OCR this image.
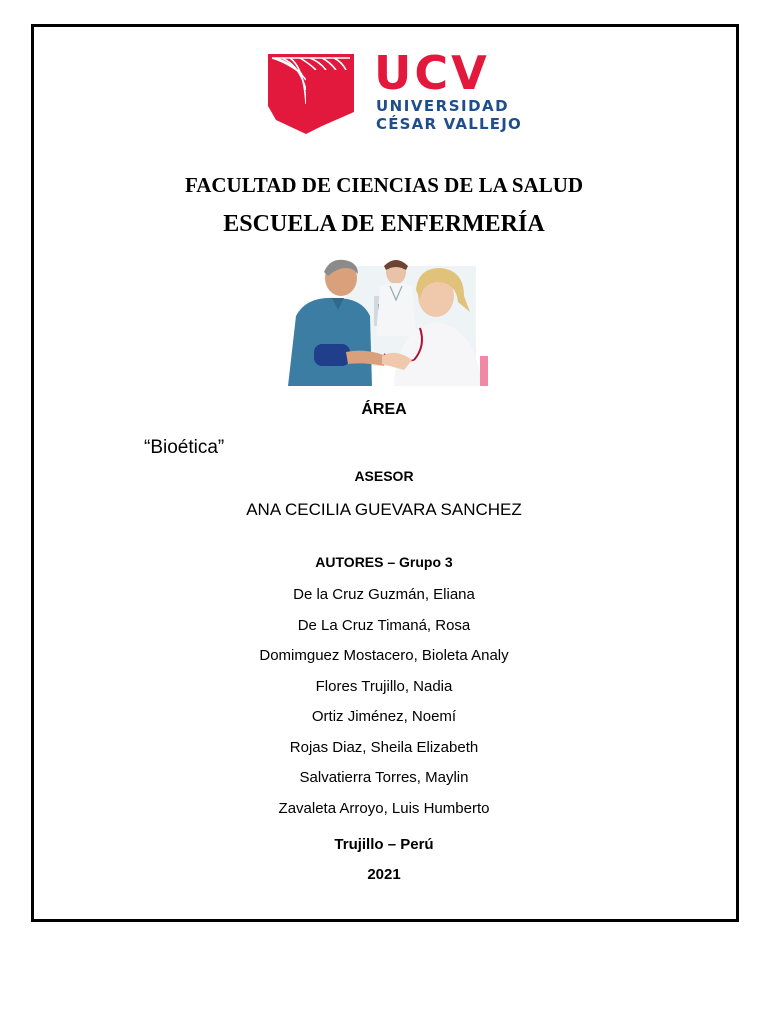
UCV
UNIVERSIDAD
CÉSAR VALLEJO
FACULTAD DE CIENCIAS DE LA SALUD
ESCUELA DE ENFERMERÍA
ÁREA
“Bioética”
ASESOR
ANA CECILIA GUEVARA SANCHEZ
AUTORES – Grupo 3
De la Cruz Guzmán, Eliana
De La Cruz Timaná, Rosa
Domimguez Mostacero, Bioleta Analy
Flores Trujillo, Nadia
Ortiz Jiménez, Noemí
Rojas Diaz, Sheila Elizabeth
Salvatierra Torres, Maylin
Zavaleta Arroyo, Luis Humberto
Trujillo – Perú
2021
